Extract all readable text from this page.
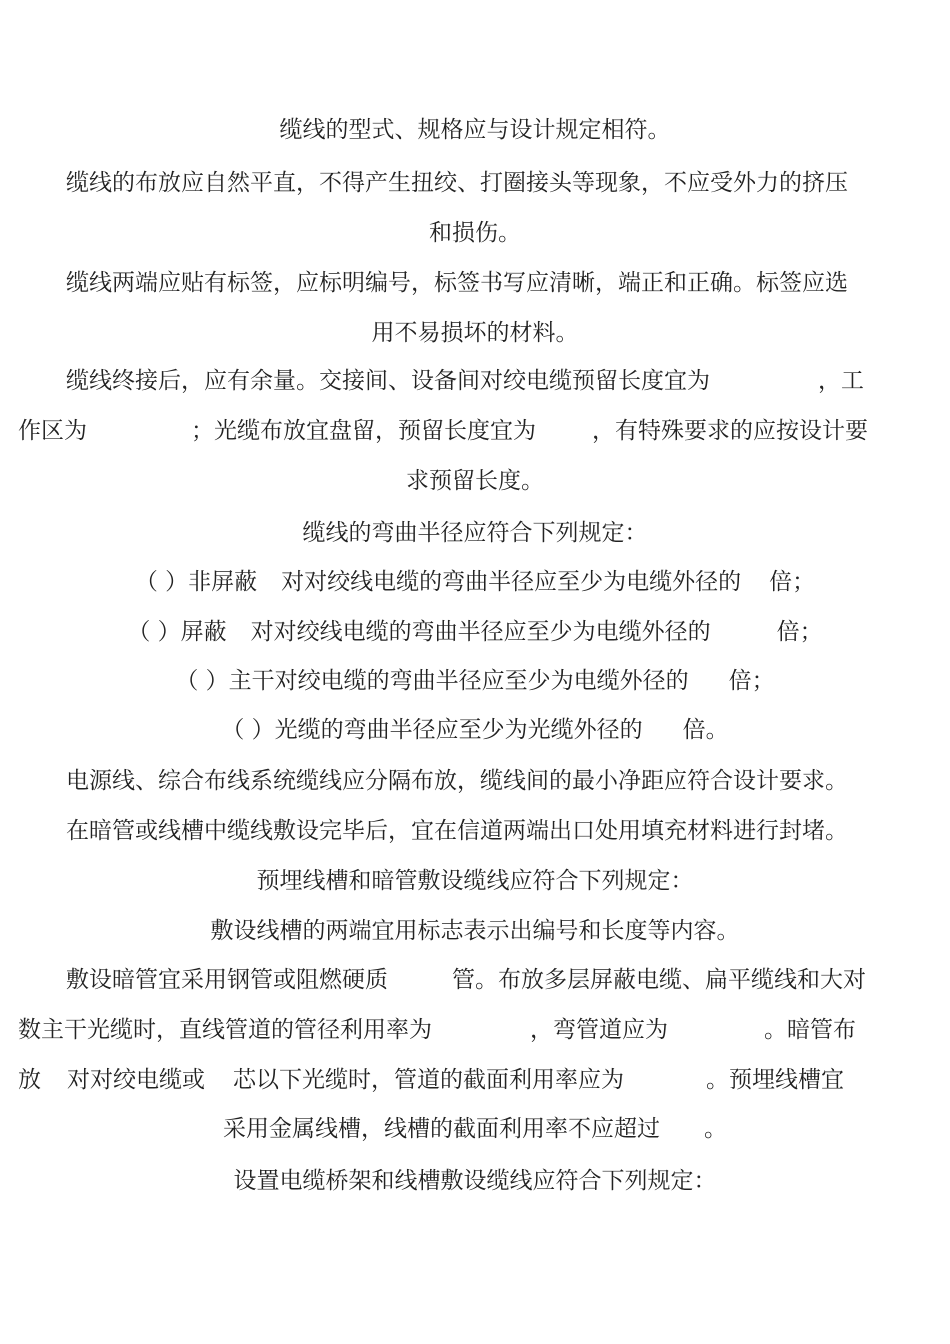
缆线的型式、规格应与设计规定相符。

缆线的布放应自然平直，不得产生扭绞、打圈接头等现象，不应受外力的挤压

和损伤。

缆线两端应贴有标签，应标明编号，标签书写应清晰，端正和正确。标签应选

用不易损坏的材料。

缆线终接后，应有余量。交接间、设备间对绞电缆预留长度宜为	，工

作区为	；光缆布放宜盘留，预留长度宜为 ，有特殊要求的应按设计要

求预留长度。

缆线的弯曲半径应符合下列规定：

（ ）非屏蔽 对对绞线电缆的弯曲半径应至少为电缆外径的 倍；

（ ）屏蔽 对对绞线电缆的弯曲半径应至少为电缆外径的	倍；

（ ）主干对绞电缆的弯曲半径应至少为电缆外径的 倍；

（ ）光缆的弯曲半径应至少为光缆外径的 倍。

电源线、综合布线系统缆线应分隔布放，缆线间的最小净距应符合设计要求。

在暗管或线槽中缆线敷设完毕后，宜在信道两端出口处用填充材料进行封堵。

预埋线槽和暗管敷设缆线应符合下列规定：

敷设线槽的两端宜用标志表示出编号和长度等内容。

敷设暗管宜采用钢管或阻燃硬质	管。布放多层屏蔽电缆、扁平缆线和大对

数主干光缆时，直线管道的管径利用率为	，弯管道应为	。暗管布

放 对对绞电缆或 芯以下光缆时，管道的截面利用率应为	。预埋线槽宜

采用金属线槽，线槽的截面利用率不应超过 。

设置电缆桥架和线槽敷设缆线应符合下列规定：
